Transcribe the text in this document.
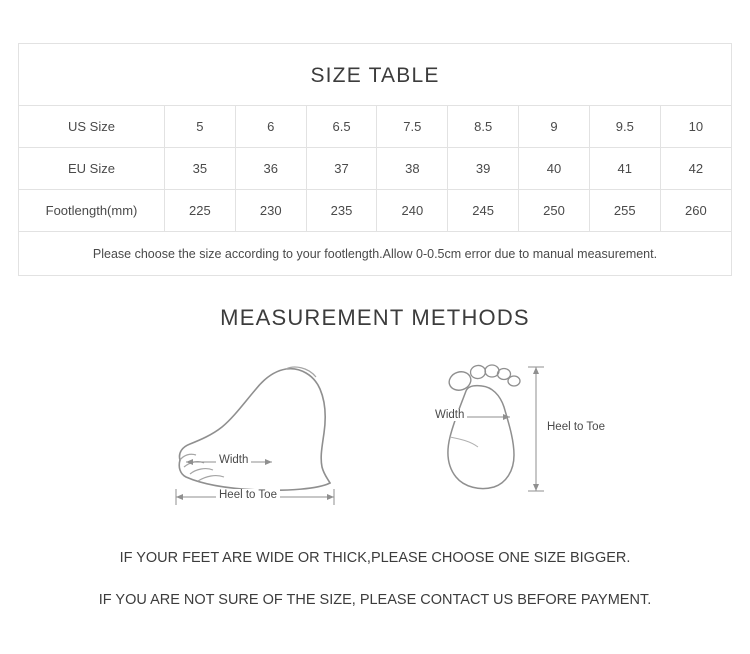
SIZE TABLE
US Size	5	6	6.5	7.5	8.5	9	9.5	10
EU Size	35	36	37	38	39	40	41	42
Footlength(mm)	225	230	235	240	245	250	255	260
Please choose the size according to your footlength.Allow 0-0.5cm error due to manual measurement.
MEASUREMENT METHODS
Width
Heel to Toe
Width
Heel to Toe
IF YOUR FEET ARE WIDE OR THICK,PLEASE CHOOSE ONE SIZE BIGGER.
IF YOU ARE NOT SURE OF THE SIZE, PLEASE CONTACT US BEFORE PAYMENT.
